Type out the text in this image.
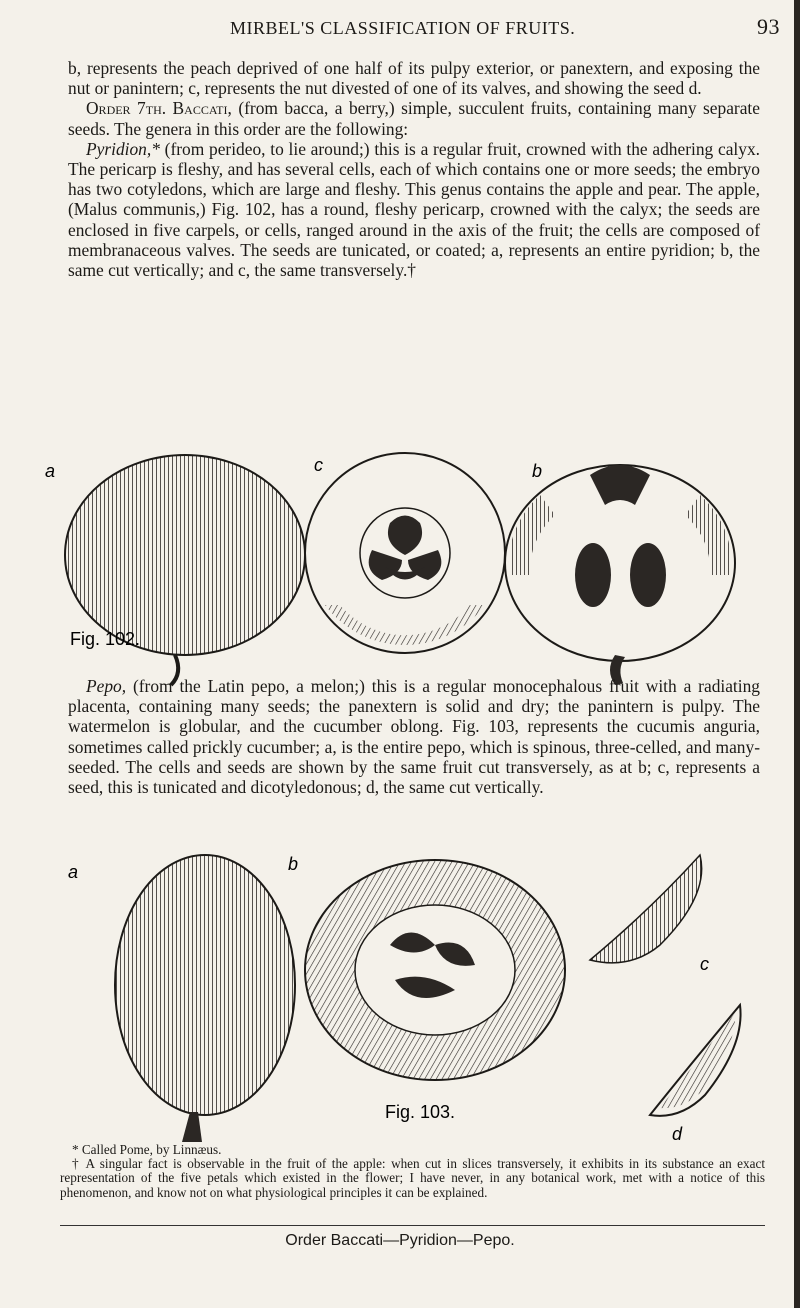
MIRBEL'S CLASSIFICATION OF FRUITS.	93

b, represents the peach deprived of one half of its pulpy exterior, or panextern, and exposing the nut or panintern; c, represents the nut divested of one of its valves, and showing the seed d.

Order 7th. Baccati, (from bacca, a berry,) simple, succulent fruits, containing many separate seeds. The genera in this order are the following:

Pyridion,* (from perideo, to lie around;) this is a regular fruit, crowned with the adhering calyx. The pericarp is fleshy, and has several cells, each of which contains one or more seeds; the embryo has two cotyledons, which are large and fleshy. This genus contains the apple and pear. The apple, (Malus communis,) Fig. 102, has a round, fleshy pericarp, crowned with the calyx; the seeds are enclosed in five carpels, or cells, ranged around in the axis of the fruit; the cells are composed of membranaceous valves. The seeds are tunicated, or coated; a, represents an entire pyridion; b, the same cut vertically; and c, the same transversely.†

a
Fig. 102.
c	b

Pepo, (from the Latin pepo, a melon;) this is a regular monocephalous fruit with a radiating placenta, containing many seeds; the panextern is solid and dry; the panintern is pulpy. The watermelon is globular, and the cucumber oblong. Fig. 103, represents the cucumis anguria, sometimes called prickly cucumber; a, is the entire pepo, which is spinous, three-celled, and many-seeded. The cells and seeds are shown by the same fruit cut transversely, as at b; c, represents a seed, this is tunicated and dicotyledonous; d, the same cut vertically.

a	b
c
Fig. 103.
d

* Called Pome, by Linnæus.

† A singular fact is observable in the fruit of the apple: when cut in slices transversely, it exhibits in its substance an exact representation of the five petals which existed in the flower; I have never, in any botanical work, met with a notice of this phenomenon, and know not on what physiological principles it can be explained.

Order Baccati—Pyridion—Pepo.
